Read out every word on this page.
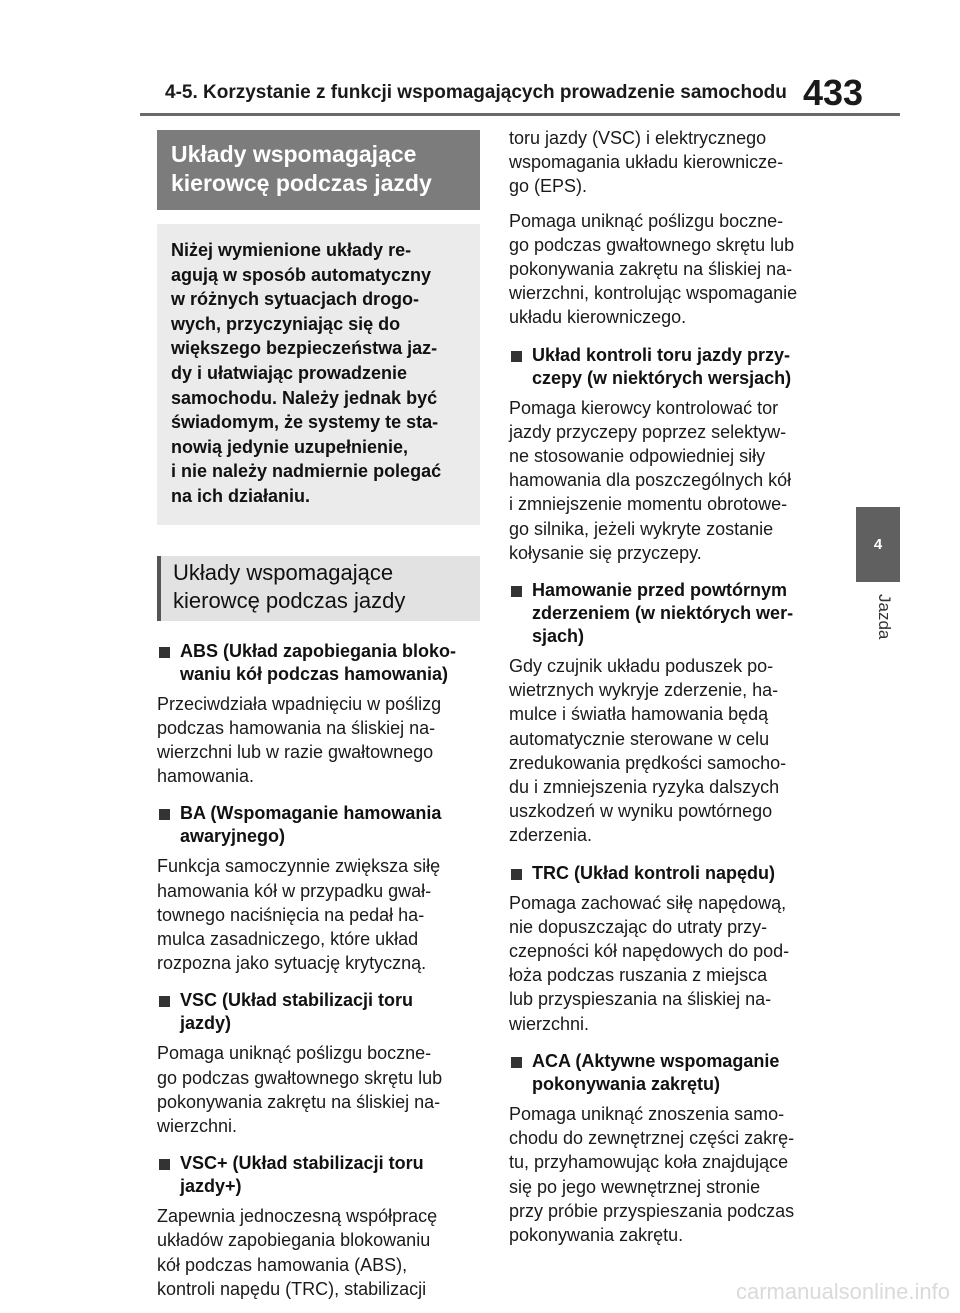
4-5. Korzystanie z funkcji wspomagających prowadzenie samochodu 433
4
Jazda
Układy wspomagające
kierowcę podczas jazdy
Niżej wymienione układy re-
agują w sposób automatyczny
w różnych sytuacjach drogo-
wych, przyczyniając się do
większego bezpieczeństwa jaz-
dy i ułatwiając prowadzenie
samochodu. Należy jednak być
świadomym, że systemy te sta-
nowią jedynie uzupełnienie,
i nie należy nadmiernie polegać
na ich działaniu.
Układy wspomagające
kierowcę podczas jazdy
ABS (Układ zapobiegania bloko-
waniu kół podczas hamowania)
Przeciwdziała wpadnięciu w poślizg
podczas hamowania na śliskiej na-
wierzchni lub w razie gwałtownego
hamowania.
BA (Wspomaganie hamowania
awaryjnego)
Funkcja samoczynnie zwiększa siłę
hamowania kół w przypadku gwał-
townego naciśnięcia na pedał ha-
mulca zasadniczego, które układ
rozpozna jako sytuację krytyczną.
VSC (Układ stabilizacji toru
jazdy)
Pomaga uniknąć poślizgu boczne-
go podczas gwałtownego skrętu lub
pokonywania zakrętu na śliskiej na-
wierzchni.
VSC+ (Układ stabilizacji toru
jazdy+)
Zapewnia jednoczesną współpracę
układów zapobiegania blokowaniu
kół podczas hamowania (ABS),
kontroli napędu (TRC), stabilizacji
toru jazdy (VSC) i elektrycznego
wspomagania układu kierownicze-
go (EPS).
Pomaga uniknąć poślizgu boczne-
go podczas gwałtownego skrętu lub
pokonywania zakrętu na śliskiej na-
wierzchni, kontrolując wspomaganie
układu kierowniczego.
Układ kontroli toru jazdy przy-
czepy (w niektórych wersjach)
Pomaga kierowcy kontrolować tor
jazdy przyczepy poprzez selektyw-
ne stosowanie odpowiedniej siły
hamowania dla poszczególnych kół
i zmniejszenie momentu obrotowe-
go silnika, jeżeli wykryte zostanie
kołysanie się przyczepy.
Hamowanie przed powtórnym
zderzeniem (w niektórych wer-
sjach)
Gdy czujnik układu poduszek po-
wietrznych wykryje zderzenie, ha-
mulce i światła hamowania będą
automatycznie sterowane w celu
zredukowania prędkości samocho-
du i zmniejszenia ryzyka dalszych
uszkodzeń w wyniku powtórnego
zderzenia.
TRC (Układ kontroli napędu)
Pomaga zachować siłę napędową,
nie dopuszczając do utraty przy-
czepności kół napędowych do pod-
łoża podczas ruszania z miejsca
lub przyspieszania na śliskiej na-
wierzchni.
ACA (Aktywne wspomaganie
pokonywania zakrętu)
Pomaga uniknąć znoszenia samo-
chodu do zewnętrznej części zakrę-
tu, przyhamowując koła znajdujące
się po jego wewnętrznej stronie
przy próbie przyspieszania podczas
pokonywania zakrętu.
carmanualsonline.info
